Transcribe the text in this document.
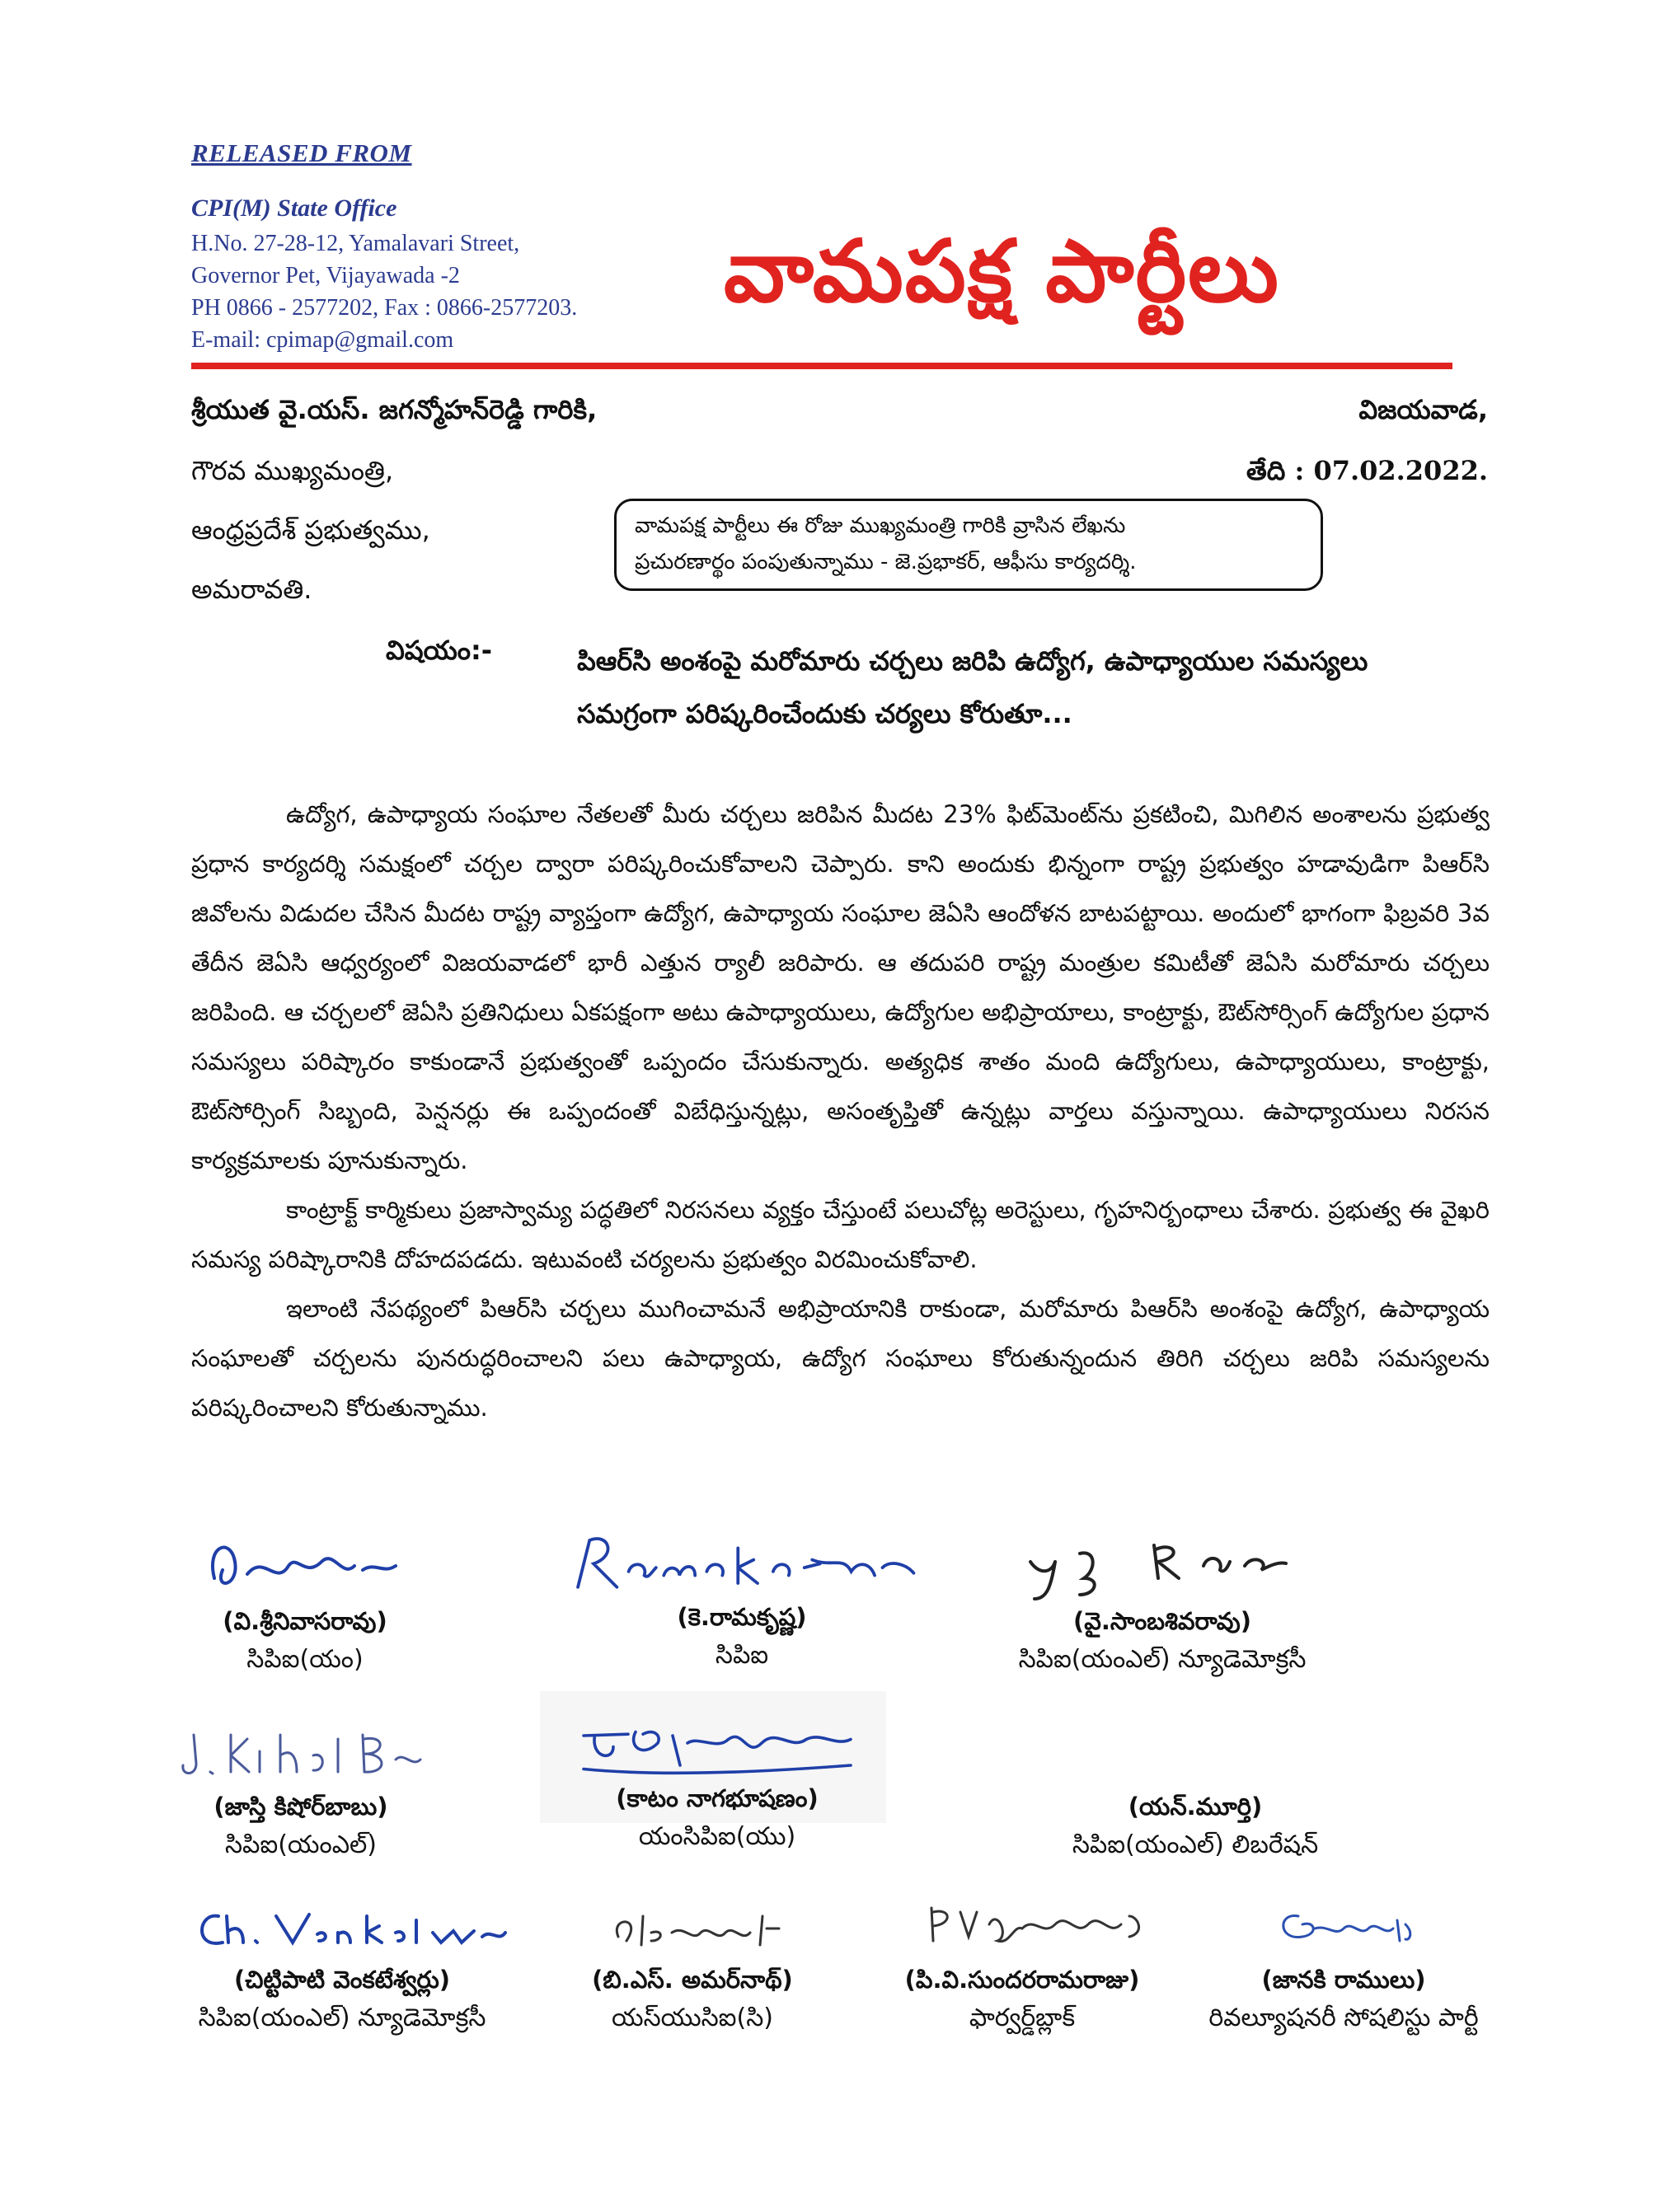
RELEASED FROM
CPI(M) State Office
H.No. 27-28-12, Yamalavari Street,
Governor Pet, Vijayawada -2
PH 0866 - 2577202, Fax : 0866-2577203.
E-mail: cpimap@gmail.com
వామపక్ష పార్టీలు
శ్రీయుత వై.యస్. జగన్మోహన్‌రెడ్డి గారికి,
గౌరవ ముఖ్యమంత్రి,
ఆంధ్రప్రదేశ్ ప్రభుత్వము,
అమరావతి.
విజయవాడ,
తేది : 07.02.2022.
వామపక్ష పార్టీలు ఈ రోజు ముఖ్యమంత్రి గారికి వ్రాసిన లేఖను
ప్రచురణార్థం పంపుతున్నాము - జె.ప్రభాకర్, ఆఫీసు కార్యదర్శి.
విషయం:-	పిఆర్‌సి అంశంపై మరోమారు చర్చలు జరిపి ఉద్యోగ, ఉపాధ్యాయుల సమస్యలు
సమగ్రంగా పరిష్కరించేందుకు చర్యలు కోరుతూ...

ఉద్యోగ, ఉపాధ్యాయ సంఘాల నేతలతో మీరు చర్చలు జరిపిన మీదట 23% ఫిట్‌మెంట్‌ను ప్రకటించి, మిగిలిన అంశాలను ప్రభుత్వ ప్రధాన కార్యదర్శి సమక్షంలో చర్చల ద్వారా పరిష్కరించుకోవాలని చెప్పారు. కాని అందుకు భిన్నంగా రాష్ట్ర ప్రభుత్వం హడావుడిగా పిఆర్‌సి జివోలను విడుదల చేసిన మీదట రాష్ట్ర వ్యాప్తంగా ఉద్యోగ, ఉపాధ్యాయ సంఘాల జెఏసి ఆందోళన బాటపట్టాయి. అందులో భాగంగా ఫిబ్రవరి 3వ తేదీన జెఏసి ఆధ్వర్యంలో విజయవాడలో భారీ ఎత్తున ర్యాలీ జరిపారు. ఆ తదుపరి రాష్ట్ర మంత్రుల కమిటీతో జెఏసి మరోమారు చర్చలు జరిపింది. ఆ చర్చలలో జెఏసి ప్రతినిధులు ఏకపక్షంగా అటు ఉపాధ్యాయులు, ఉద్యోగుల అభిప్రాయాలు, కాంట్రాక్టు, ఔట్‌సోర్సింగ్ ఉద్యోగుల ప్రధాన సమస్యలు పరిష్కారం కాకుండానే ప్రభుత్వంతో ఒప్పందం చేసుకున్నారు. అత్యధిక శాతం మంది ఉద్యోగులు, ఉపాధ్యాయులు, కాంట్రాక్టు, ఔట్‌సోర్సింగ్ సిబ్బంది, పెన్షనర్లు ఈ ఒప్పందంతో విబేధిస్తున్నట్లు, అసంతృప్తితో ఉన్నట్లు వార్తలు వస్తున్నాయి. ఉపాధ్యాయులు నిరసన కార్యక్రమాలకు పూనుకున్నారు.

కాంట్రాక్ట్ కార్మికులు ప్రజాస్వామ్య పద్ధతిలో నిరసనలు వ్యక్తం చేస్తుంటే పలుచోట్ల అరెస్టులు, గృహనిర్బంధాలు చేశారు. ప్రభుత్వ ఈ వైఖరి సమస్య పరిష్కారానికి దోహదపడదు. ఇటువంటి చర్యలను ప్రభుత్వం విరమించుకోవాలి.

ఇలాంటి నేపథ్యంలో పిఆర్‌సి చర్చలు ముగించామనే అభిప్రాయానికి రాకుండా, మరోమారు పిఆర్‌సి అంశంపై ఉద్యోగ, ఉపాధ్యాయ సంఘాలతో చర్చలను పునరుద్ధరించాలని పలు ఉపాధ్యాయ, ఉద్యోగ సంఘాలు కోరుతున్నందున తిరిగి చర్చలు జరిపి సమస్యలను పరిష్కరించాలని కోరుతున్నాము.

(వి.శ్రీనివాసరావు)
సిపిఐ(యం)
(కె.రామకృష్ణ)
సిపిఐ
(వై.సాంబశివరావు)
సిపిఐ(యంఎల్) న్యూడెమోక్రసీ
(జాస్తి కిషోర్‌బాబు)
సిపిఐ(యంఎల్)
(కాటం నాగభూషణం)
యంసిపిఐ(యు)
(యన్.మూర్తి)
సిపిఐ(యంఎల్) లిబరేషన్
(చిట్టిపాటి వెంకటేశ్వర్లు)
సిపిఐ(యంఎల్) న్యూడెమోక్రసీ
(బి.ఎస్. అమర్‌నాథ్)
యస్‌యుసిఐ(సి)
(పి.వి.సుందరరామరాజు)
ఫార్వర్డ్‌బ్లాక్
(జానకి రాములు)
రివల్యూషనరీ సోషలిస్టు పార్టీ
